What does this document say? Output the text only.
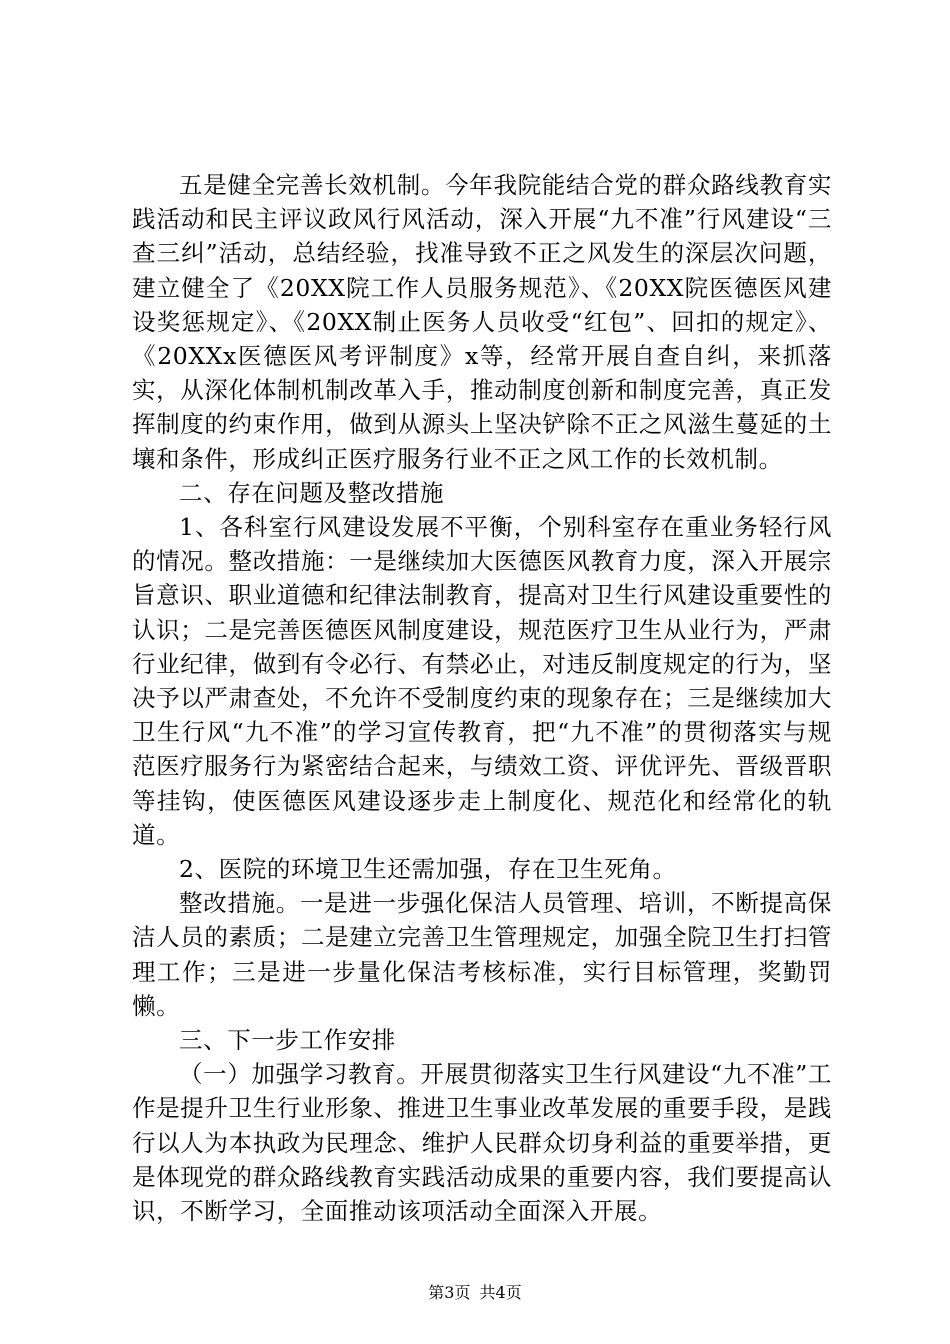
五是健全完善长效机制。今年我院能结合党的群众路线教育实践活动和民主评议政风行风活动，深入开展“九不准”行风建设“三查三纠”活动，总结经验，找准导致不正之风发生的深层次问题，建立健全了《20XX院工作人员服务规范》、《20XX院医德医风建设奖惩规定》、《20XX制止医务人员收受“红包”、回扣的规定》、《20XXx医德医风考评制度》x等，经常开展自查自纠，来抓落实，从深化体制机制改革入手，推动制度创新和制度完善，真正发挥制度的约束作用，做到从源头上坚决铲除不正之风滋生蔓延的土壤和条件，形成纠正医疗服务行业不正之风工作的长效机制。

二、存在问题及整改措施

1、各科室行风建设发展不平衡，个别科室存在重业务轻行风的情况。整改措施：一是继续加大医德医风教育力度，深入开展宗旨意识、职业道德和纪律法制教育，提高对卫生行风建设重要性的认识；二是完善医德医风制度建设，规范医疗卫生从业行为，严肃行业纪律，做到有令必行、有禁必止，对违反制度规定的行为，坚决予以严肃查处，不允许不受制度约束的现象存在；三是继续加大卫生行风“九不准”的学习宣传教育，把“九不准”的贯彻落实与规范医疗服务行为紧密结合起来，与绩效工资、评优评先、晋级晋职等挂钩，使医德医风建设逐步走上制度化、规范化和经常化的轨道。

2、医院的环境卫生还需加强，存在卫生死角。

整改措施。一是进一步强化保洁人员管理、培训，不断提高保洁人员的素质；二是建立完善卫生管理规定，加强全院卫生打扫管理工作；三是进一步量化保洁考核标准，实行目标管理，奖勤罚懒。

三、下一步工作安排

（一）加强学习教育。开展贯彻落实卫生行风建设“九不准”工作是提升卫生行业形象、推进卫生事业改革发展的重要手段，是践行以人为本执政为民理念、维护人民群众切身利益的重要举措，更是体现党的群众路线教育实践活动成果的重要内容，我们要提高认识，不断学习，全面推动该项活动全面深入开展。

第3页 共4页
